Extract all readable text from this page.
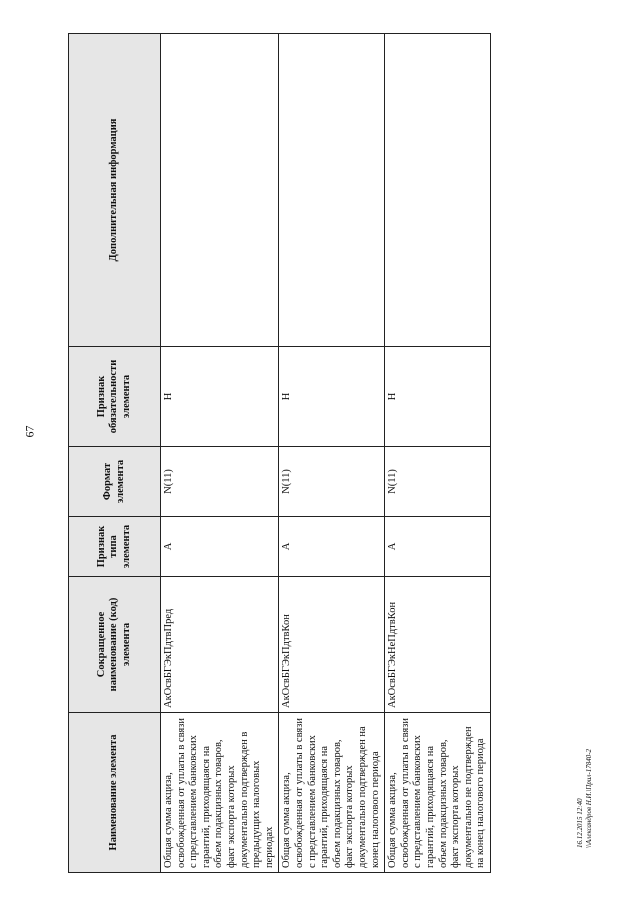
67
Наименование элемента	Сокращенное наименование (код) элемента	Признак типа элемента	Формат элемента	Признак обязательности элемента	Дополнительная информация
Общая сумма акциза, освобожденная от уплаты в связи с представлением банковских гарантий, приходящаяся на объем подакцизных товаров, факт экспорта которых документально подтвержден в предыдущих налоговых периодах	АкОсвБГЭкПдтвПред	А	N(11)	Н	
Общая сумма акциза, освобожденная от уплаты в связи с представлением банковских гарантий, приходящаяся на объем подакцизных товаров, факт экспорта которых документально подтвержден на конец налогового периода	АкОсвБГЭкПдтвКон	А	N(11)	Н	
Общая сумма акциза, освобожденная от уплаты в связи с представлением банковских гарантий, приходящаяся на объем подакцизных товаров, факт экспорта которых документально не подтвержден на конец налогового периода	АкОсвБГЭкНеПдтвКон	А	N(11)	Н	
16.12.2015 12:40 \\Александров Н.И.\Прил-17840-2
